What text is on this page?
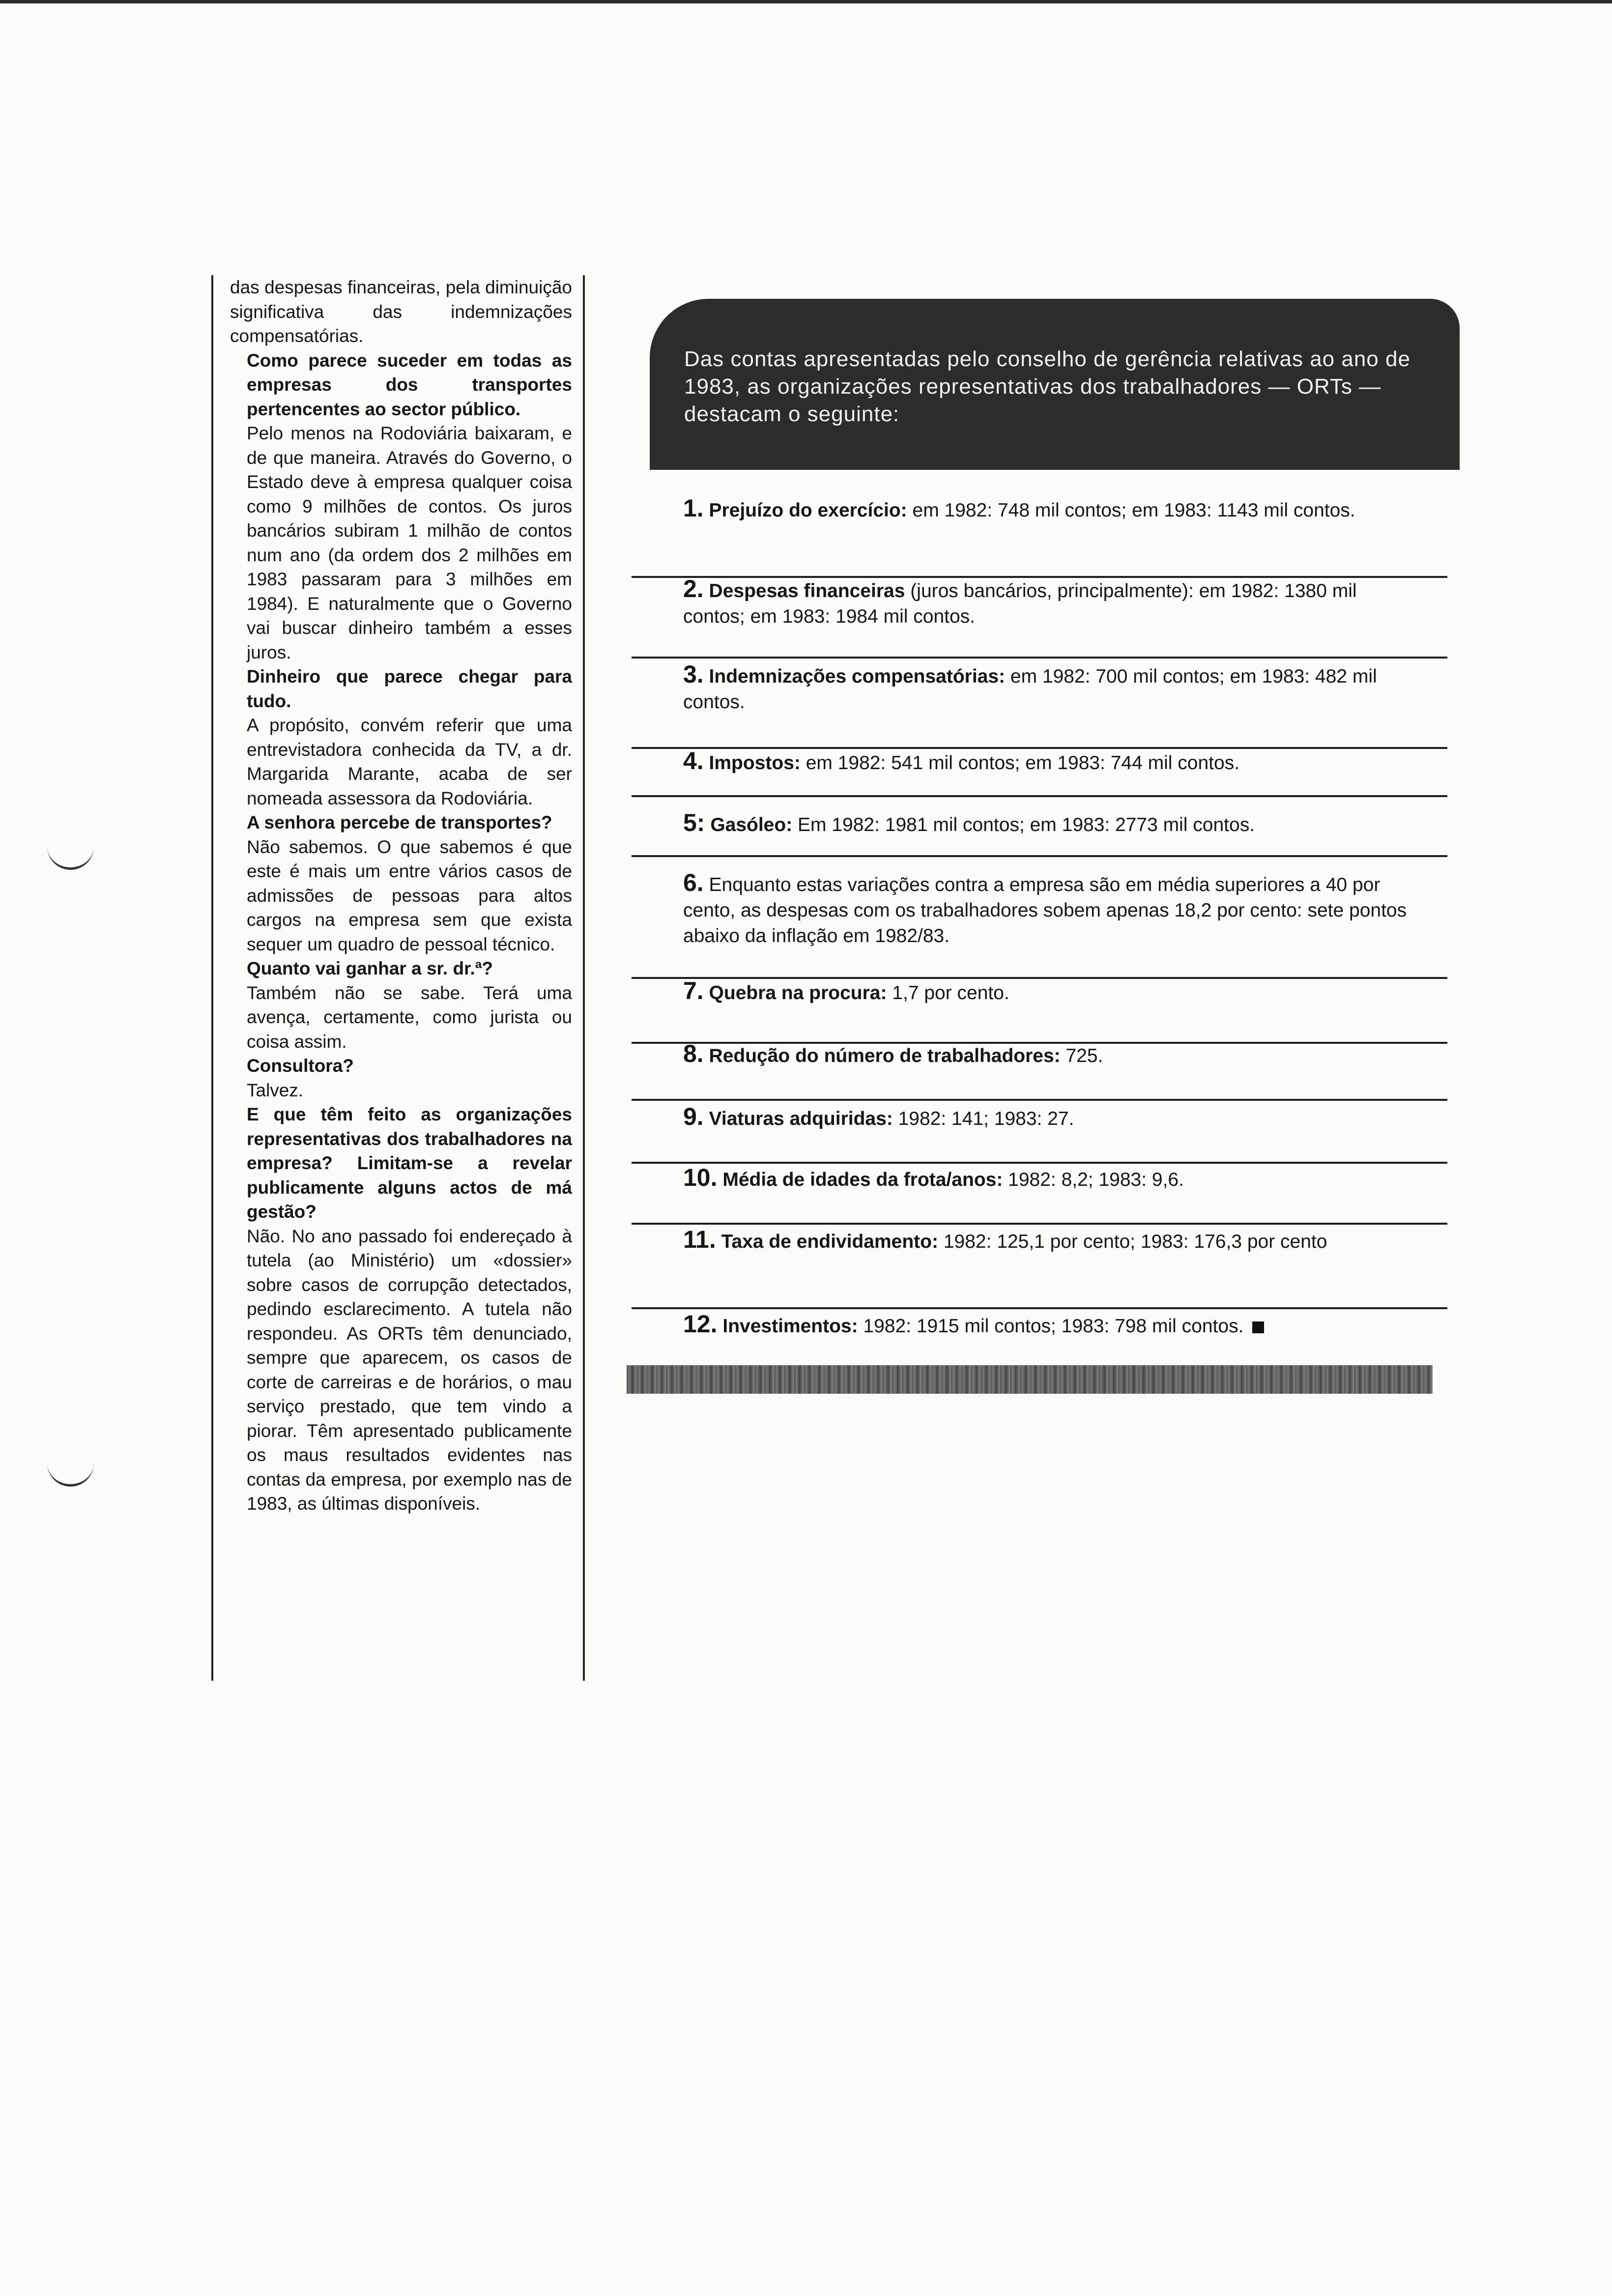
das despesas financeiras, pela diminuição significativa das indemnizações compensatórias.

Como parece suceder em todas as empresas dos transportes pertencentes ao sector público.

Pelo menos na Rodoviária baixaram, e de que maneira. Através do Governo, o Estado deve à empresa qualquer coisa como 9 milhões de contos. Os juros bancários subiram 1 milhão de contos num ano (da ordem dos 2 milhões em 1983 passaram para 3 milhões em 1984). E naturalmente que o Governo vai buscar dinheiro também a esses juros.

Dinheiro que parece chegar para tudo.

A propósito, convém referir que uma entrevistadora conhecida da TV, a dr. Margarida Marante, acaba de ser nomeada assessora da Rodoviária.

A senhora percebe de transportes?

Não sabemos. O que sabemos é que este é mais um entre vários casos de admissões de pessoas para altos cargos na empresa sem que exista sequer um quadro de pessoal técnico.

Quanto vai ganhar a sr. dr.ª?

Também não se sabe. Terá uma avença, certamente, como jurista ou coisa assim.

Consultora?

Talvez.

E que têm feito as organizações representativas dos trabalhadores na empresa? Limitam-se a revelar publicamente alguns actos de má gestão?

Não. No ano passado foi endereçado à tutela (ao Ministério) um «dossier» sobre casos de corrupção detectados, pedindo esclarecimento. A tutela não respondeu. As ORTs têm denunciado, sempre que aparecem, os casos de corte de carreiras e de horários, o mau serviço prestado, que tem vindo a piorar. Têm apresentado publicamente os maus resultados evidentes nas contas da empresa, por exemplo nas de 1983, as últimas disponíveis.

Das contas apresentadas pelo conselho de gerência relativas ao ano de 1983, as organizações representativas dos trabalhadores — ORTs — destacam o seguinte:
1. Prejuízo do exercício: em 1982: 748 mil contos; em 1983: 1143 mil contos.
2. Despesas financeiras (juros bancários, principalmente): em 1982: 1380 mil contos; em 1983: 1984 mil contos.
3. Indemnizações compensatórias: em 1982: 700 mil contos; em 1983: 482 mil contos.
4. Impostos: em 1982: 541 mil contos; em 1983: 744 mil contos.
5: Gasóleo: Em 1982: 1981 mil contos; em 1983: 2773 mil contos.
6. Enquanto estas variações contra a empresa são em média superiores a 40 por cento, as despesas com os trabalhadores sobem apenas 18,2 por cento: sete pontos abaixo da inflação em 1982/83.
7. Quebra na procura: 1,7 por cento.
8. Redução do número de trabalhadores: 725.
9. Viaturas adquiridas: 1982: 141; 1983: 27.
10. Média de idades da frota/anos: 1982: 8,2; 1983: 9,6.
11. Taxa de endividamento: 1982: 125,1 por cento; 1983: 176,3 por cento
12. Investimentos: 1982: 1915 mil contos; 1983: 798 mil contos.
